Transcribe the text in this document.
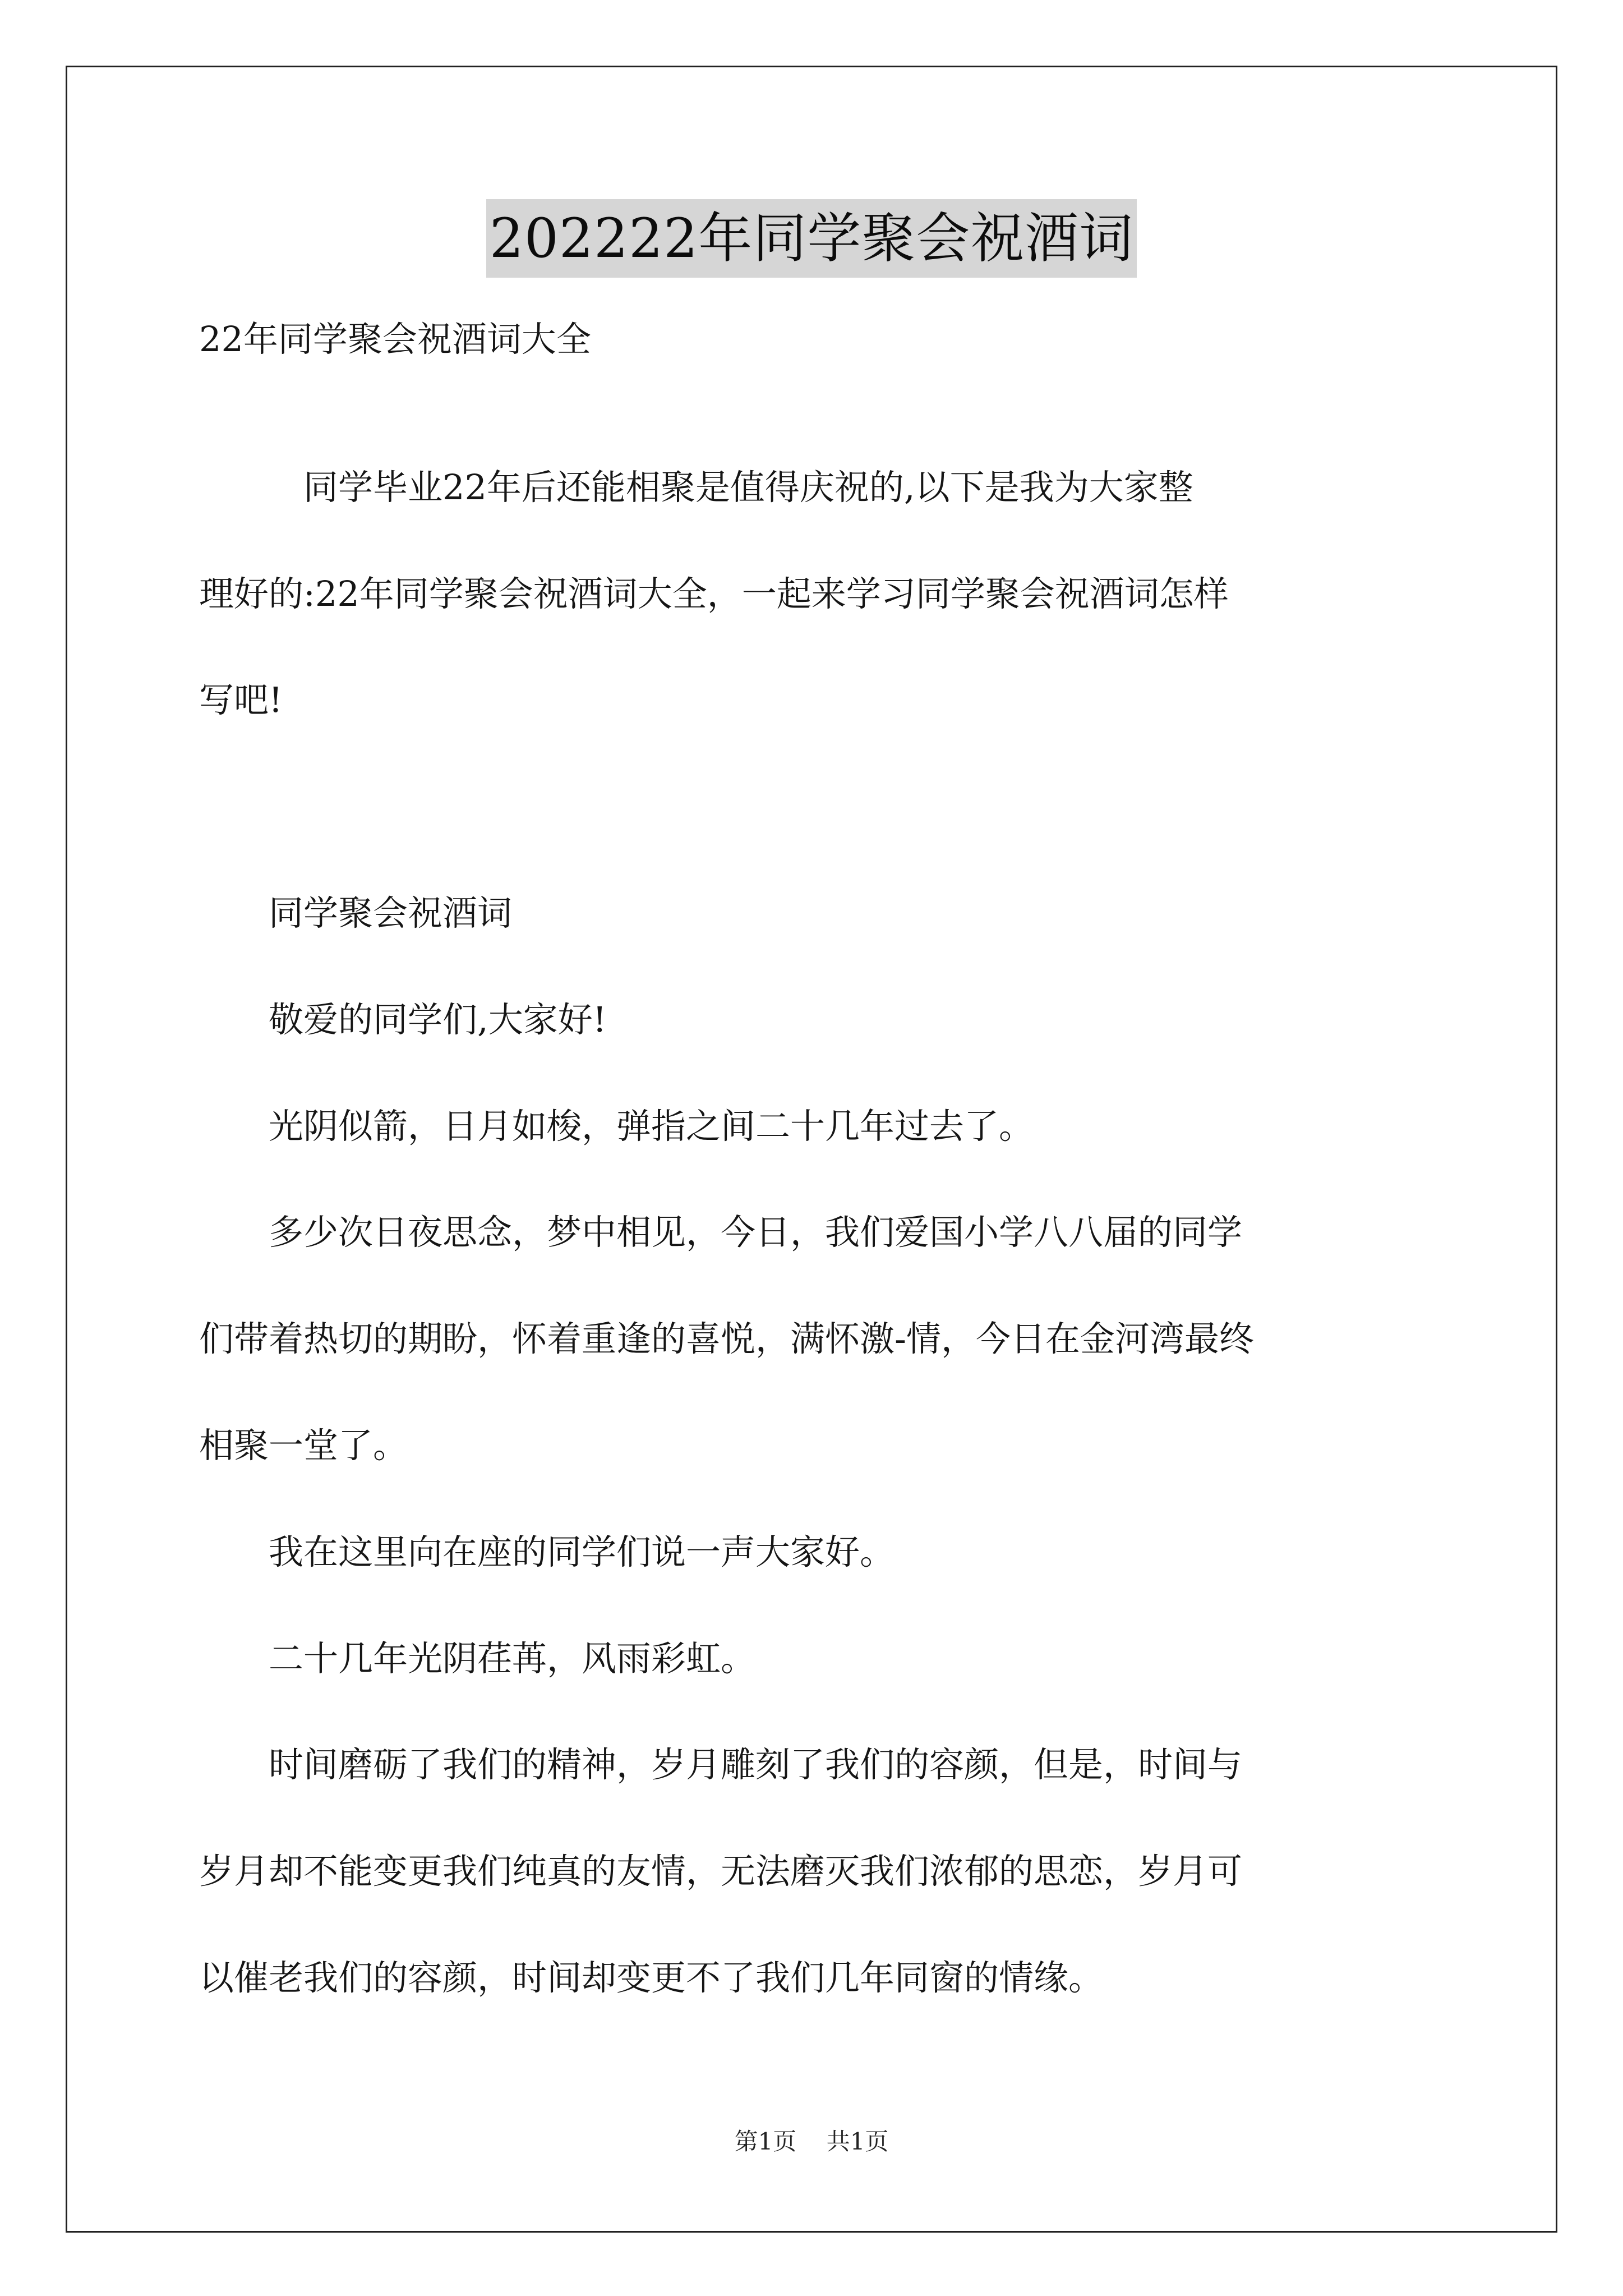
202222年同学聚会祝酒词
22年同学聚会祝酒词大全
　　　同学毕业22年后还能相聚是值得庆祝的,以下是我为大家整
理好的:22年同学聚会祝酒词大全，一起来学习同学聚会祝酒词怎样
写吧!
　　同学聚会祝酒词
　　敬爱的同学们,大家好!
　　光阴似箭，日月如梭，弹指之间二十几年过去了。
　　多少次日夜思念，梦中相见，今日，我们爱国小学八八届的同学
们带着热切的期盼，怀着重逢的喜悦，满怀激-情，今日在金河湾最终
相聚一堂了。
　　我在这里向在座的同学们说一声大家好。
　　二十几年光阴荏苒，风雨彩虹。
　　时间磨砺了我们的精神，岁月雕刻了我们的容颜，但是，时间与
岁月却不能变更我们纯真的友情，无法磨灭我们浓郁的思恋，岁月可
以催老我们的容颜，时间却变更不了我们几年同窗的情缘。
第1页 共1页
